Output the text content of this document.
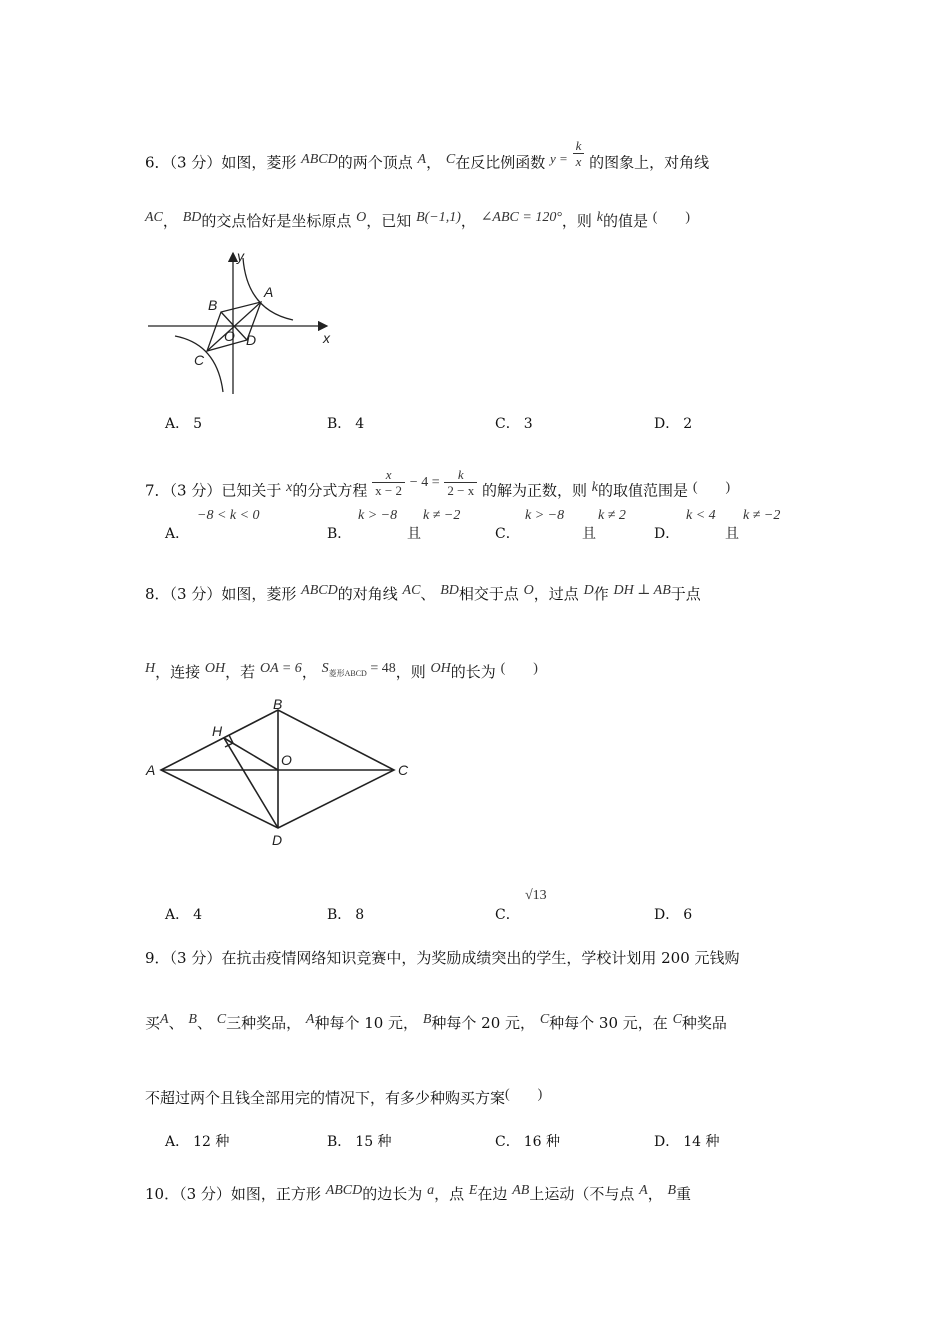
6．（3 分）如图，菱形 ABCD的两个顶点 A， C在反比例函数 $y = \frac{k}{x}$ 的图象上，对角线
AC， BD的交点恰好是坐标原点 O，已知 B(−1,1)， ∠ABC = 120°，则 k的值是 (　　)
y
x
A
B
C
D
O
A． 5	B． 4	C． 3	D． 2
7．（3 分）已知关于 x的分式方程 $\frac{x}{x - 2} - 4 = \frac{k}{2 - x}$ 的解为正数，则 k的取值范围是 (　　)
A．
−8 < k < 0
B．
k > −8
且
k ≠ −2
C．
k > −8
且
k ≠ 2
D．
k < 4
且
k ≠ −2
8．（3 分）如图，菱形 ABCD的对角线 AC、 BD相交于点 O，过点 D作 DH ⊥ AB于点
H，连接 OH，若 OA = 6， $S_{菱形ABCD} = 48$，则 OH的长为 (　　)
A
B
C
D
H
O
A． 4	B． 8	C．
√13
D． 6
9．（3 分）在抗击疫情网络知识竞赛中，为奖励成绩突出的学生，学校计划用 200 元钱购
买A、 B、 C三种奖品， A种每个 10 元， B种每个 20 元， C种每个 30 元，在 C种奖品
不超过两个且钱全部用完的情况下，有多少种购买方案(　　)
A． 12 种	B． 15 种	C． 16 种	D． 14 种
10．（3 分）如图，正方形 ABCD的边长为 a，点 E在边 AB上运动（不与点 A， B重
